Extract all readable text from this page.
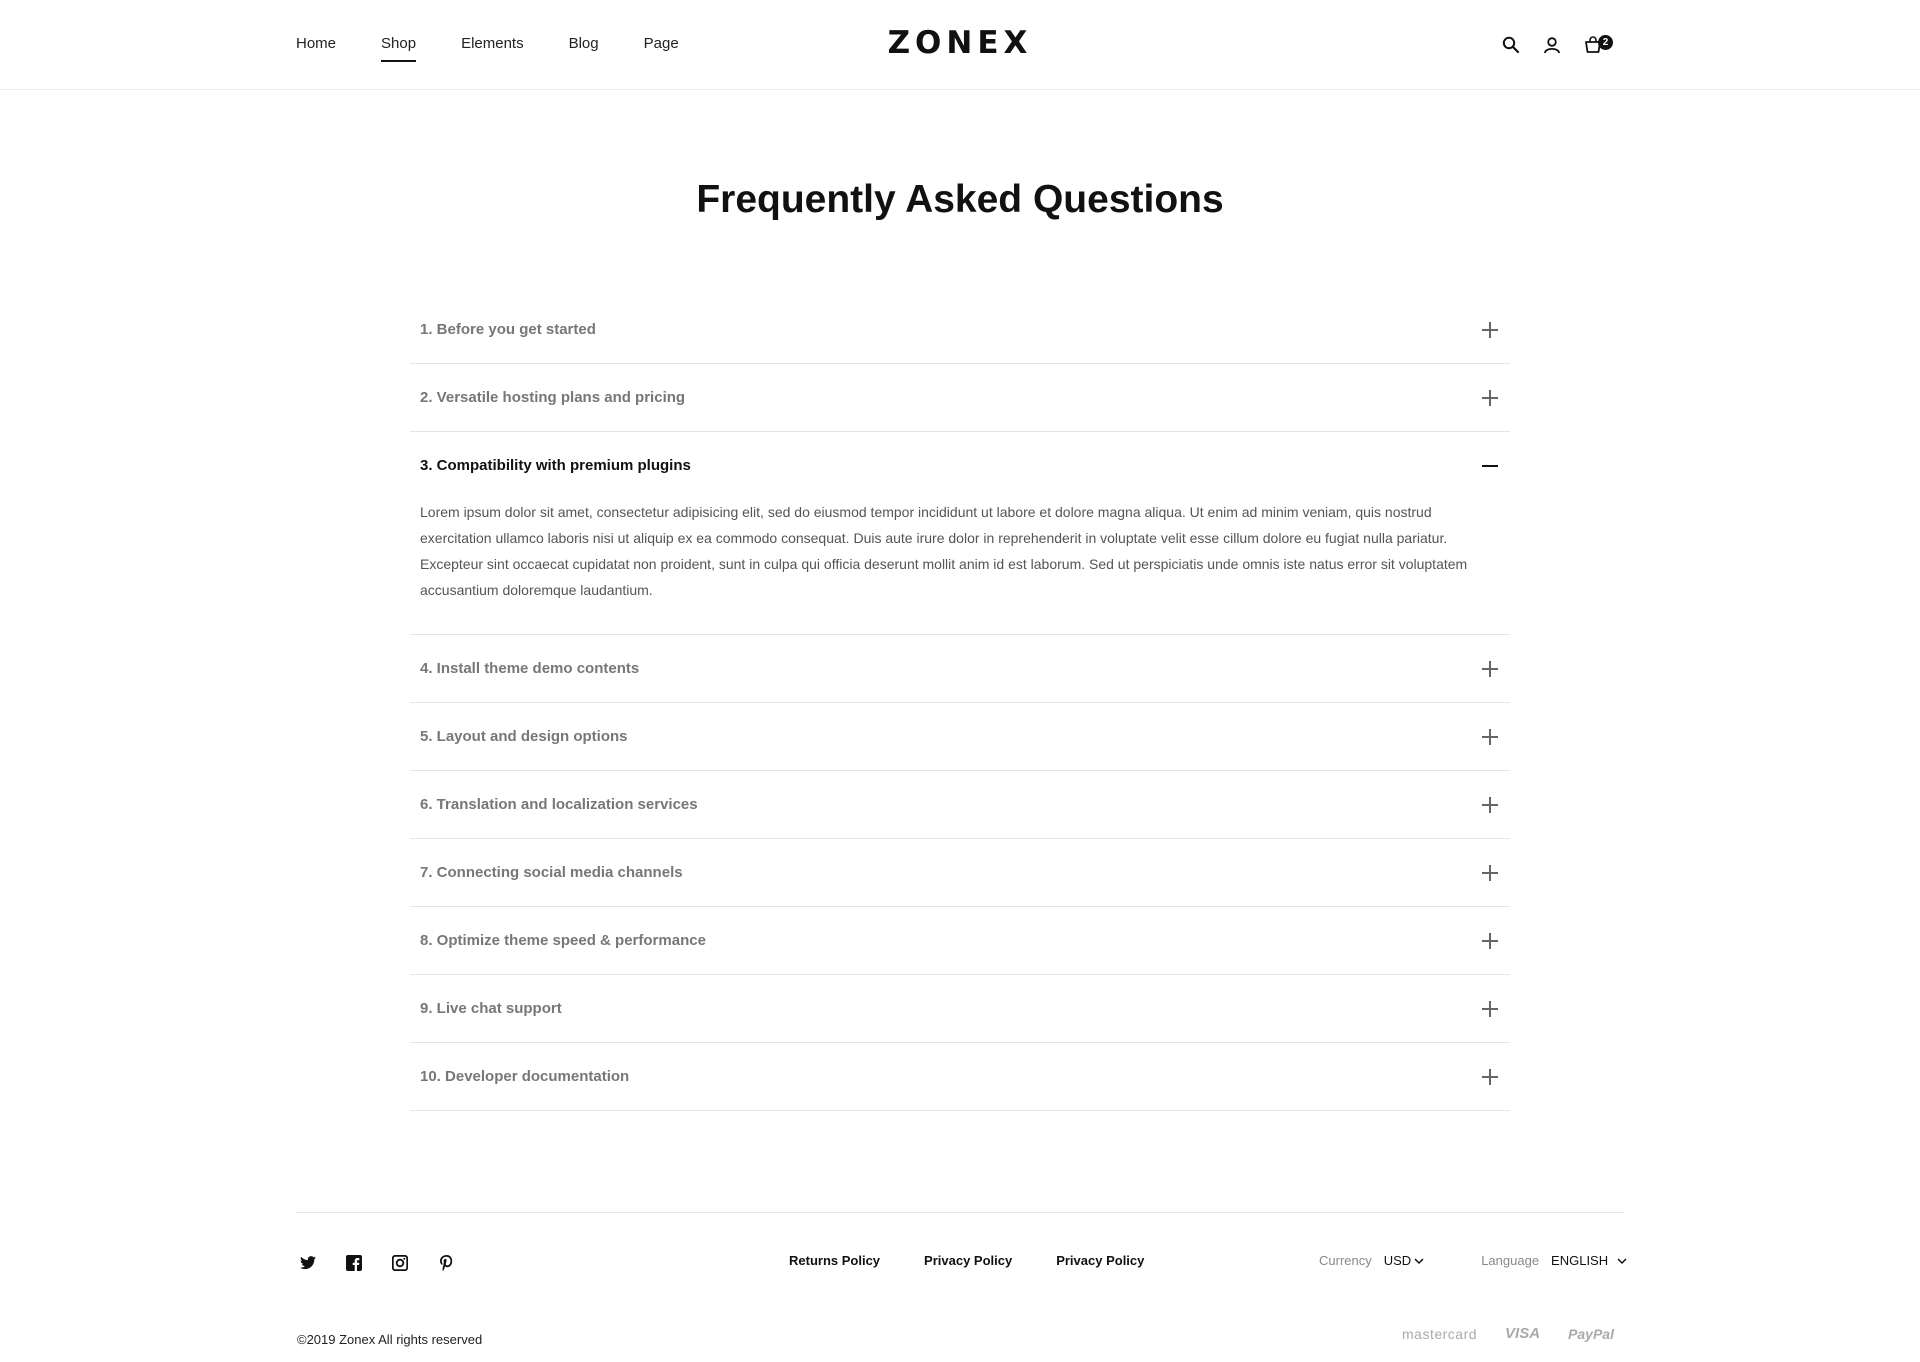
Home	Shop	Elements	Blog	Page	ZONEX	2
Frequently Asked Questions
1. Before you get started
2. Versatile hosting plans and pricing
3. Compatibility with premium plugins
Lorem ipsum dolor sit amet, consectetur adipisicing elit, sed do eiusmod tempor incididunt ut labore et dolore magna aliqua. Ut enim ad minim veniam, quis nostrud exercitation ullamco laboris nisi ut aliquip ex ea commodo consequat. Duis aute irure dolor in reprehenderit in voluptate velit esse cillum dolore eu fugiat nulla pariatur. Excepteur sint occaecat cupidatat non proident, sunt in culpa qui officia deserunt mollit anim id est laborum. Sed ut perspiciatis unde omnis iste natus error sit voluptatem accusantium doloremque laudantium.
4. Install theme demo contents
5. Layout and design options
6. Translation and localization services
7. Connecting social media channels
8. Optimize theme speed & performance
9. Live chat support
10. Developer documentation
Returns Policy	Privacy Policy	Privacy Policy	Currency USD	Language ENGLISH
©2019 Zonex All rights reserved	mastercard VISA PayPal
